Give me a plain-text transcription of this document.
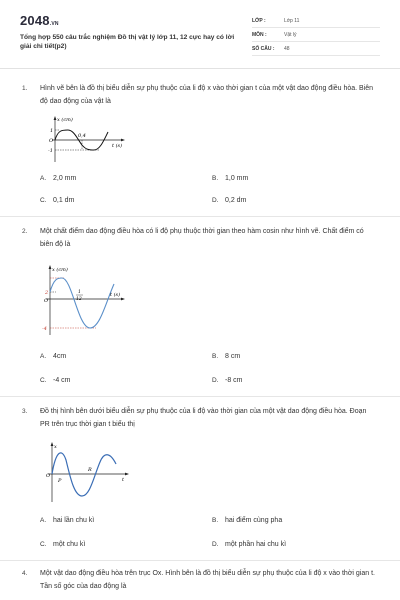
2048.VN
Tổng hợp 550 câu trắc nghiệm Đồ thị vật lý lớp 11, 12 cực hay có lời giải chi tiết(p2)
LỚP :	Lớp 11
MÔN :	Vật lý
SỐ CÂU : 48
1. Hình vẽ bên là đồ thị biểu diễn sự phụ thuộc của li độ x vào thời gian t của một vật dao động điều hòa. Biên độ dao động của vật là
x (cm)
t (s)
0,4
1
-1
O
A. 2,0 mm	B. 1,0 mm
C. 0,1 dm	D. 0,2 dm
2. Một chất điểm dao động điều hòa có li độ phụ thuộc thời gian theo hàm cosin như hình vẽ. Chất điểm có biên độ là
x (cm)
t (s)
2
-4
O
1
12
A. 4cm	B. 8 cm
C. -4 cm	D. -8 cm
3. Đồ thị hình bên dưới biểu diễn sự phụ thuộc của li độ vào thời gian của một vật dao động điều hòa. Đoạn PR trên trục thời gian t biểu thị
x
t
O
P
R
A. hai lần chu kì	B. hai điểm cùng pha
C. một chu kì	D. một phần hai chu kì
4. Một vật dao động điều hòa trên trục Ox. Hình bên là đồ thị biểu diễn sự phụ thuộc của li độ x vào thời gian t. Tần số góc của dao động là
